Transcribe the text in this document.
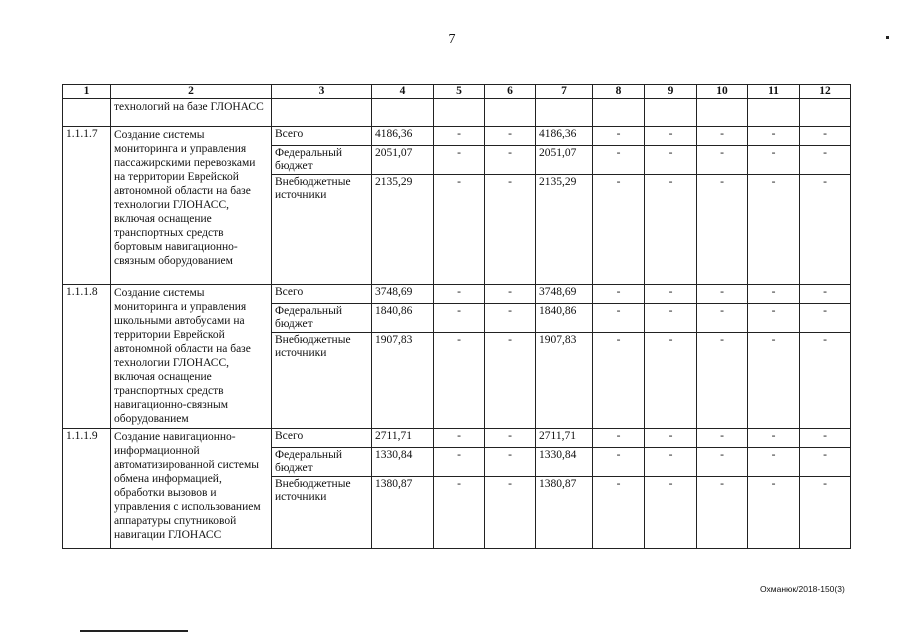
7
1	2	3	4	5	6	7	8	9	10	11	12
	технологий на базе ГЛОНАСС										
1.1.1.7	Создание системы мониторинга и управления пассажирскими перевозками на территории Еврейской автономной области на базе технологии ГЛОНАСС, включая оснащение транспортных средств бортовым навигационно-связным оборудованием	Всего	4186,36	-	-	4186,36	-	-	-	-	-
		Федеральный бюджет	2051,07	-	-	2051,07	-	-	-	-	-
		Внебюджетные источники	2135,29	-	-	2135,29	-	-	-	-	-
1.1.1.8	Создание системы мониторинга и управления школьными автобусами на территории Еврейской автономной области на базе технологии ГЛОНАСС, включая оснащение транспортных средств навигационно-связным оборудованием	Всего	3748,69	-	-	3748,69	-	-	-	-	-
		Федеральный бюджет	1840,86	-	-	1840,86	-	-	-	-	-
		Внебюджетные источники	1907,83	-	-	1907,83	-	-	-	-	-
1.1.1.9	Создание навигационно-информационной автоматизированной системы обмена информацией, обработки вызовов и управления с использованием аппаратуры спутниковой навигации ГЛОНАСС	Всего	2711,71	-	-	2711,71	-	-	-	-	-
		Федеральный бюджет	1330,84	-	-	1330,84	-	-	-	-	-
		Внебюджетные источники	1380,87	-	-	1380,87	-	-	-	-	-
Охманюк/2018-150(3)
